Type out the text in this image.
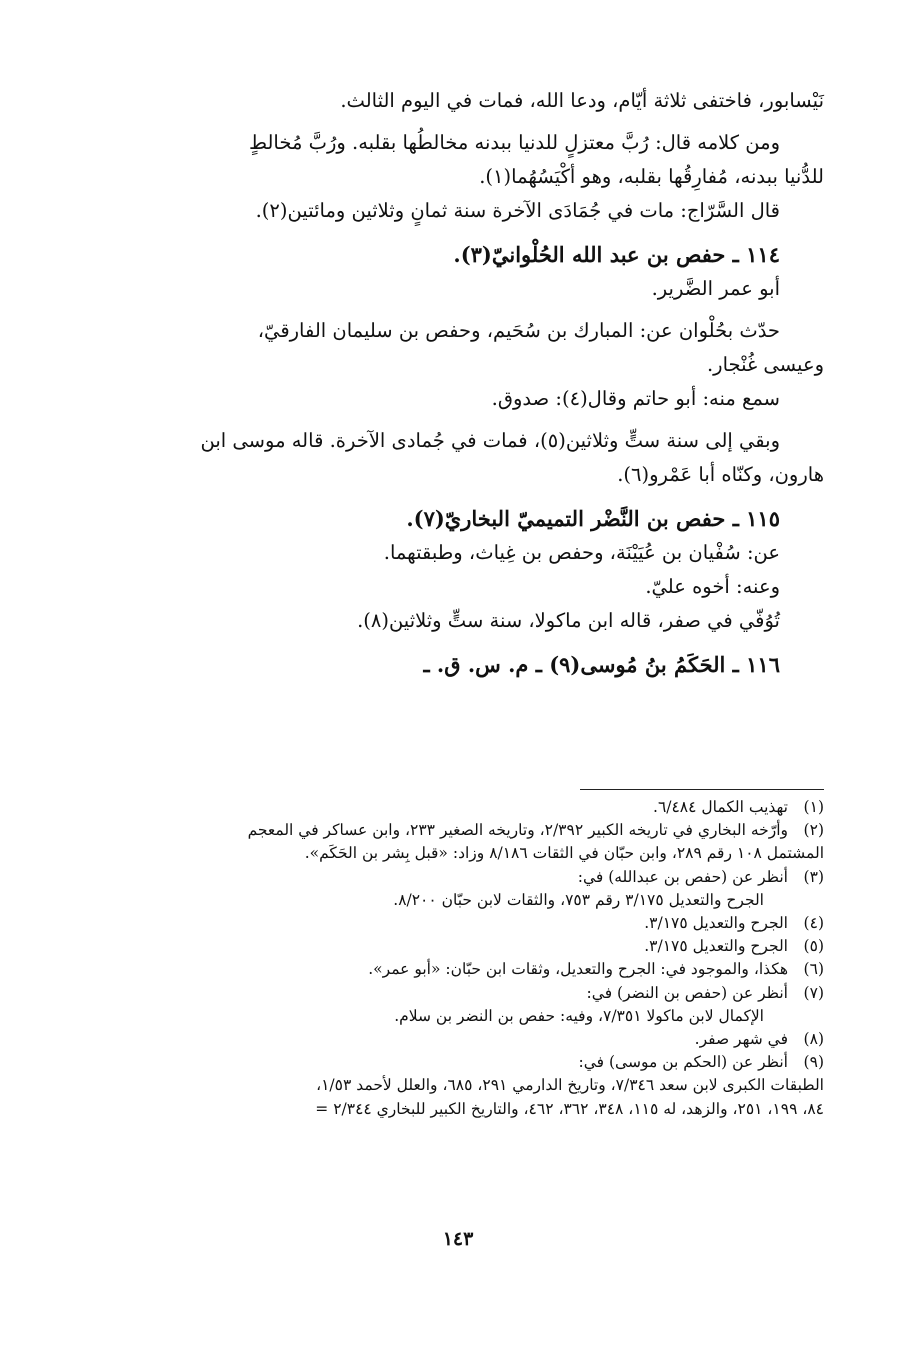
نَيْسابور، فاختفى ثلاثة أيّام، ودعا الله، فمات في اليوم الثالث.

ومن كلامه قال: رُبَّ معتزلٍ للدنيا ببدنه مخالطُها بقلبه. ورُبَّ مُخالطٍ

للدُّنيا ببدنه، مُفارِقُها بقلبه، وهو أكْيَسُهُما(١).

قال السَّرّاج: مات في جُمَادَى الآخرة سنة ثمانٍ وثلاثين ومائتين(٢).

١١٤ ـ حفص بن عبد الله الحُلْوانيّ(٣).

أبو عمر الضَّرير.

حدّث بحُلْوان عن: المبارك بن سُحَيم، وحفص بن سليمان الفارقيّ،

وعيسى غُنْجار.

سمع منه: أبو حاتم وقال(٤): صدوق.

وبقي إلى سنة ستٍّ وثلاثين(٥)، فمات في جُمادى الآخرة. قاله موسى ابن

هارون، وكنّاه أبا عَمْرو(٦).

١١٥ ـ حفص بن النَّضْر التميميّ البخاريّ(٧).

عن: سُفْيان بن عُيَيْنَة، وحفص بن غِياث، وطبقتهما.

وعنه: أخوه عليّ.

تُوُفّي في صفر، قاله ابن ماكولا، سنة ستٍّ وثلاثين(٨).

١١٦ ـ الحَكَمُ بنُ مُوسى(٩) ـ م. س. ق. ـ

(١)
تهذيب الكمال ٦/٤٨٤.

(٢)
وأرّخه البخاري في تاريخه الكبير ٢/٣٩٢، وتاريخه الصغير ٢٣٣، وابن عساكر في المعجم

المشتمل ١٠٨ رقم ٢٨٩، وابن حبّان في الثقات ٨/١٨٦ وزاد: «قبل بِشر بن الحَكَم».

(٣)
أنظر عن (حفص بن عبدالله) في:

الجرح والتعديل ٣/١٧٥ رقم ٧٥٣، والثقات لابن حبّان ٨/٢٠٠.

(٤)
الجرح والتعديل ٣/١٧٥.

(٥)
الجرح والتعديل ٣/١٧٥.

(٦)
هكذا، والموجود في: الجرح والتعديل، وثقات ابن حبّان: «أبو عمر».

(٧)
أنظر عن (حفص بن النضر) في:

الإكمال لابن ماكولا ٧/٣٥١، وفيه: حفص بن النضر بن سلام.

(٨)
في شهر صفر.

(٩)
أنظر عن (الحكم بن موسى) في:

الطبقات الكبرى لابن سعد ٧/٣٤٦، وتاريخ الدارمي ٢٩١، ٦٨٥، والعلل لأحمد ١/٥٣،

٨٤، ١٩٩، ٢٥١، والزهد، له ١١٥، ٣٤٨، ٣٦٢، ٤٦٢، والتاريخ الكبير للبخاري ٢/٣٤٤ =

١٤٣
